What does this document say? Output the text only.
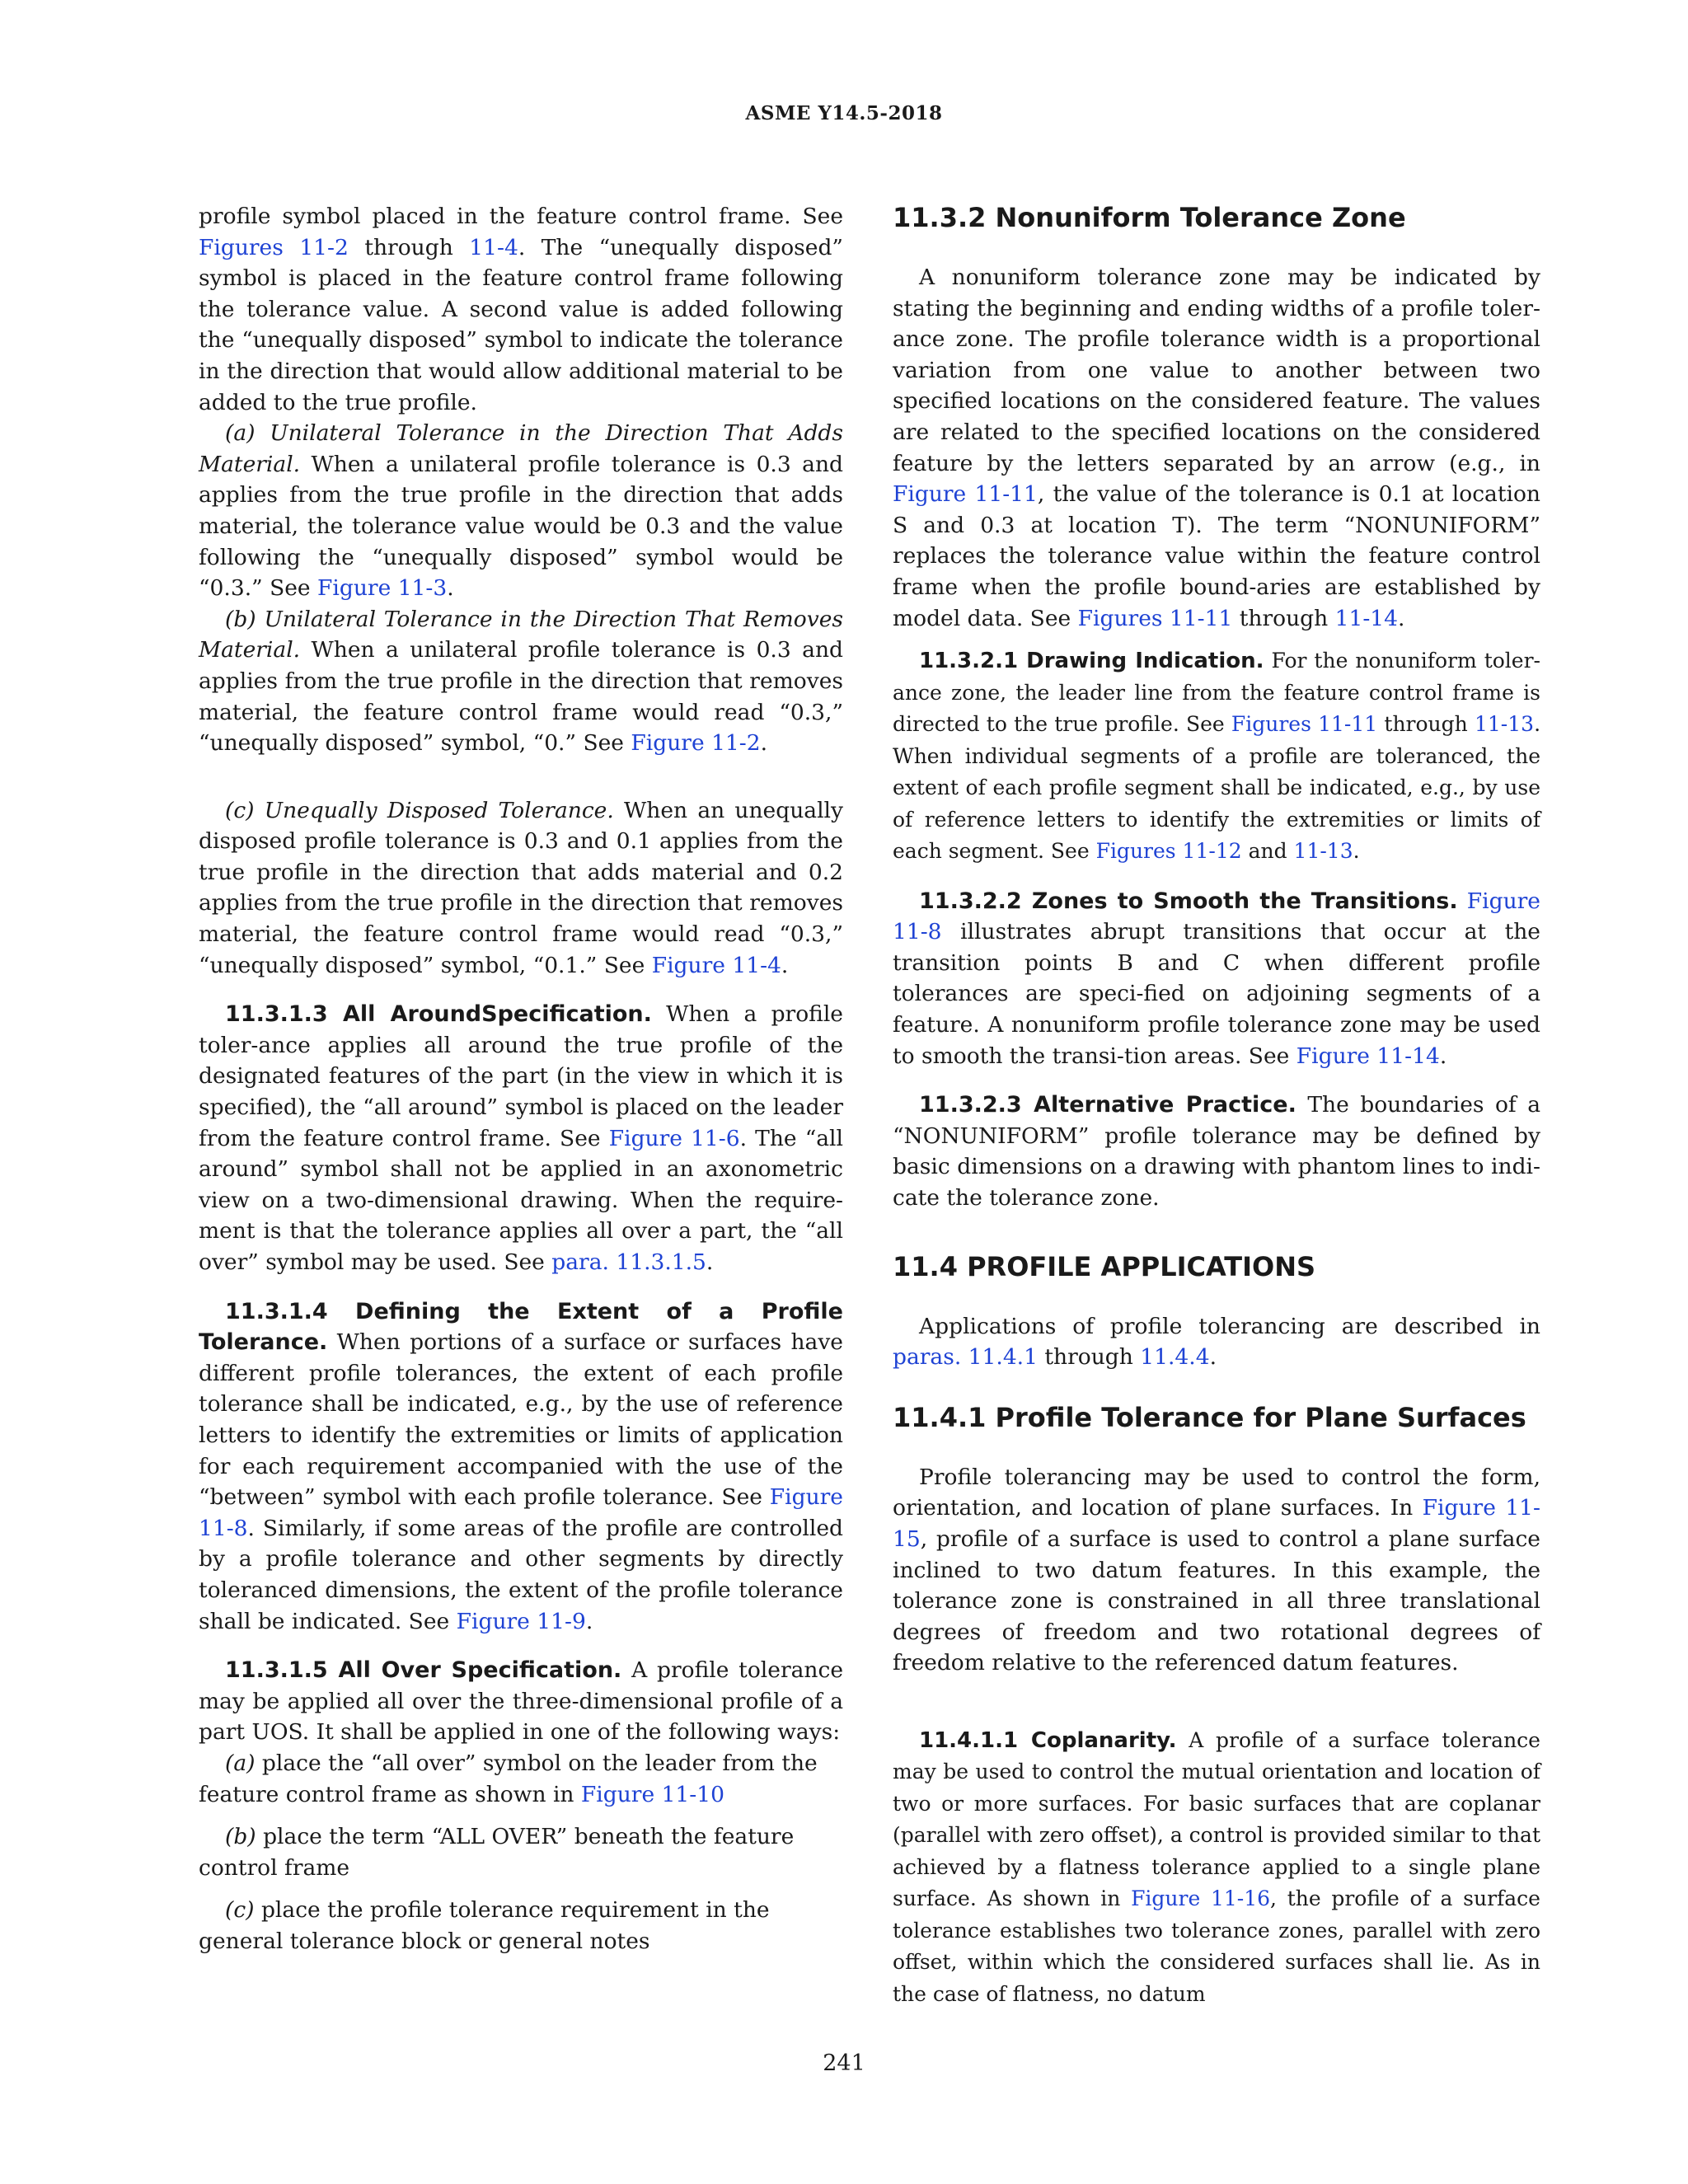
ASME Y14.5-2018

profile symbol placed in the feature control frame. See Figures 11-2 through 11-4. The “unequally disposed” symbol is placed in the feature control frame following the tolerance value. A second value is added following the “unequally disposed” symbol to indicate the tolerance in the direction that would allow additional material to be added to the true profile.

(a) Unilateral Tolerance in the Direction That Adds Material. When a unilateral profile tolerance is 0.3 and applies from the true profile in the direction that adds material, the tolerance value would be 0.3 and the value following the “unequally disposed” symbol would be “0.3.” See Figure 11-3.

(b) Unilateral Tolerance in the Direction That Removes Material. When a unilateral profile tolerance is 0.3 and applies from the true profile in the direction that removes material, the feature control frame would read “0.3,” “unequally disposed” symbol, “0.” See Figure 11-2.

(c) Unequally Disposed Tolerance. When an unequally disposed profile tolerance is 0.3 and 0.1 applies from the true profile in the direction that adds material and 0.2 applies from the true profile in the direction that removes material, the feature control frame would read “0.3,” “unequally disposed” symbol, “0.1.” See Figure 11-4.

11.3.1.3 All AroundSpecification. When a profile toler-ance applies all around the true profile of the designated features of the part (in the view in which it is specified), the “all around” symbol is placed on the leader from the feature control frame. See Figure 11-6. The “all around” symbol shall not be applied in an axonometric view on a two-dimensional drawing. When the require-ment is that the tolerance applies all over a part, the “all over” symbol may be used. See para. 11.3.1.5.

11.3.1.4 Defining the Extent of a Profile Tolerance. When portions of a surface or surfaces have different profile tolerances, the extent of each profile tolerance shall be indicated, e.g., by the use of reference letters to identify the extremities or limits of application for each requirement accompanied with the use of the “between” symbol with each profile tolerance. See Figure 11-8. Similarly, if some areas of the profile are controlled by a profile tolerance and other segments by directly toleranced dimensions, the extent of the profile tolerance shall be indicated. See Figure 11-9.

11.3.1.5 All Over Specification. A profile tolerance may be applied all over the three-dimensional profile of a part UOS. It shall be applied in one of the following ways:

(a) place the “all over” symbol on the leader from the feature control frame as shown in Figure 11-10

(b) place the term “ALL OVER” beneath the feature control frame

(c) place the profile tolerance requirement in the general tolerance block or general notes

11.3.2 Nonuniform Tolerance Zone

A nonuniform tolerance zone may be indicated by stating the beginning and ending widths of a profile toler-ance zone. The profile tolerance width is a proportional variation from one value to another between two specified locations on the considered feature. The values are related to the specified locations on the considered feature by the letters separated by an arrow (e.g., in Figure 11-11, the value of the tolerance is 0.1 at location S and 0.3 at location T). The term “NONUNIFORM” replaces the tolerance value within the feature control frame when the profile bound-aries are established by model data. See Figures 11-11 through 11-14.

11.3.2.1 Drawing Indication. For the nonuniform toler-ance zone, the leader line from the feature control frame is directed to the true profile. See Figures 11-11 through 11-13. When individual segments of a profile are toleranced, the extent of each profile segment shall be indicated, e.g., by use of reference letters to identify the extremities or limits of each segment. See Figures 11-12 and 11-13.

11.3.2.2 Zones to Smooth the Transitions. Figure 11-8 illustrates abrupt transitions that occur at the transition points B and C when different profile tolerances are speci-fied on adjoining segments of a feature. A nonuniform profile tolerance zone may be used to smooth the transi-tion areas. See Figure 11-14.

11.3.2.3 Alternative Practice. The boundaries of a “NONUNIFORM” profile tolerance may be defined by basic dimensions on a drawing with phantom lines to indi-cate the tolerance zone.

11.4 PROFILE APPLICATIONS

Applications of profile tolerancing are described in paras. 11.4.1 through 11.4.4.

11.4.1 Profile Tolerance for Plane Surfaces

Profile tolerancing may be used to control the form, orientation, and location of plane surfaces. In Figure 11-15, profile of a surface is used to control a plane surface inclined to two datum features. In this example, the tolerance zone is constrained in all three translational degrees of freedom and two rotational degrees of freedom relative to the referenced datum features.

11.4.1.1 Coplanarity. A profile of a surface tolerance may be used to control the mutual orientation and location of two or more surfaces. For basic surfaces that are coplanar (parallel with zero offset), a control is provided similar to that achieved by a flatness tolerance applied to a single plane surface. As shown in Figure 11-16, the profile of a surface tolerance establishes two tolerance zones, parallel with zero offset, within which the considered surfaces shall lie. As in the case of flatness, no datum

241
